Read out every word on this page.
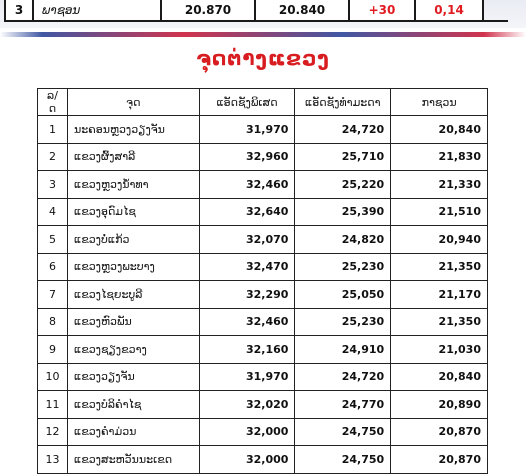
3	ພາຊອນ	20.870	20.840	+30	0,14
ຈຸດຕ່າງແຂວງ
ລ/ດ	ຈຸດ	ແອັດຊັງພິເສດ	ແອັດຊັງທຳມະດາ	ກາຊວນ
1	ນະຄອນຫຼວງວຽງຈັນ	31,970	24,720	20,840
2	ແຂວງຜົ້ງສາລີ	32,960	25,710	21,830
3	ແຂວງຫຼວງນ້ຳທາ	32,460	25,220	21,330
4	ແຂວງອຸດົມໄຊ	32,640	25,390	21,510
5	ແຂວງບໍ່ແກ້ວ	32,070	24,820	20,940
6	ແຂວງຫຼວງພະບາງ	32,470	25,230	21,350
7	ແຂວງໄຊຍະບູລີ	32,290	25,050	21,170
8	ແຂວງຫົວພັນ	32,460	25,230	21,350
9	ແຂວງຊຽງຂວາງ	32,160	24,910	21,030
10	ແຂວງວຽງຈັນ	31,970	24,720	20,840
11	ແຂວງບໍລິຄຳໄຊ	32,020	24,770	20,890
12	ແຂວງຄຳມ່ວນ	32,000	24,750	20,870
13	ແຂວງສະຫວັນນະເຂດ	32,000	24,750	20,870
